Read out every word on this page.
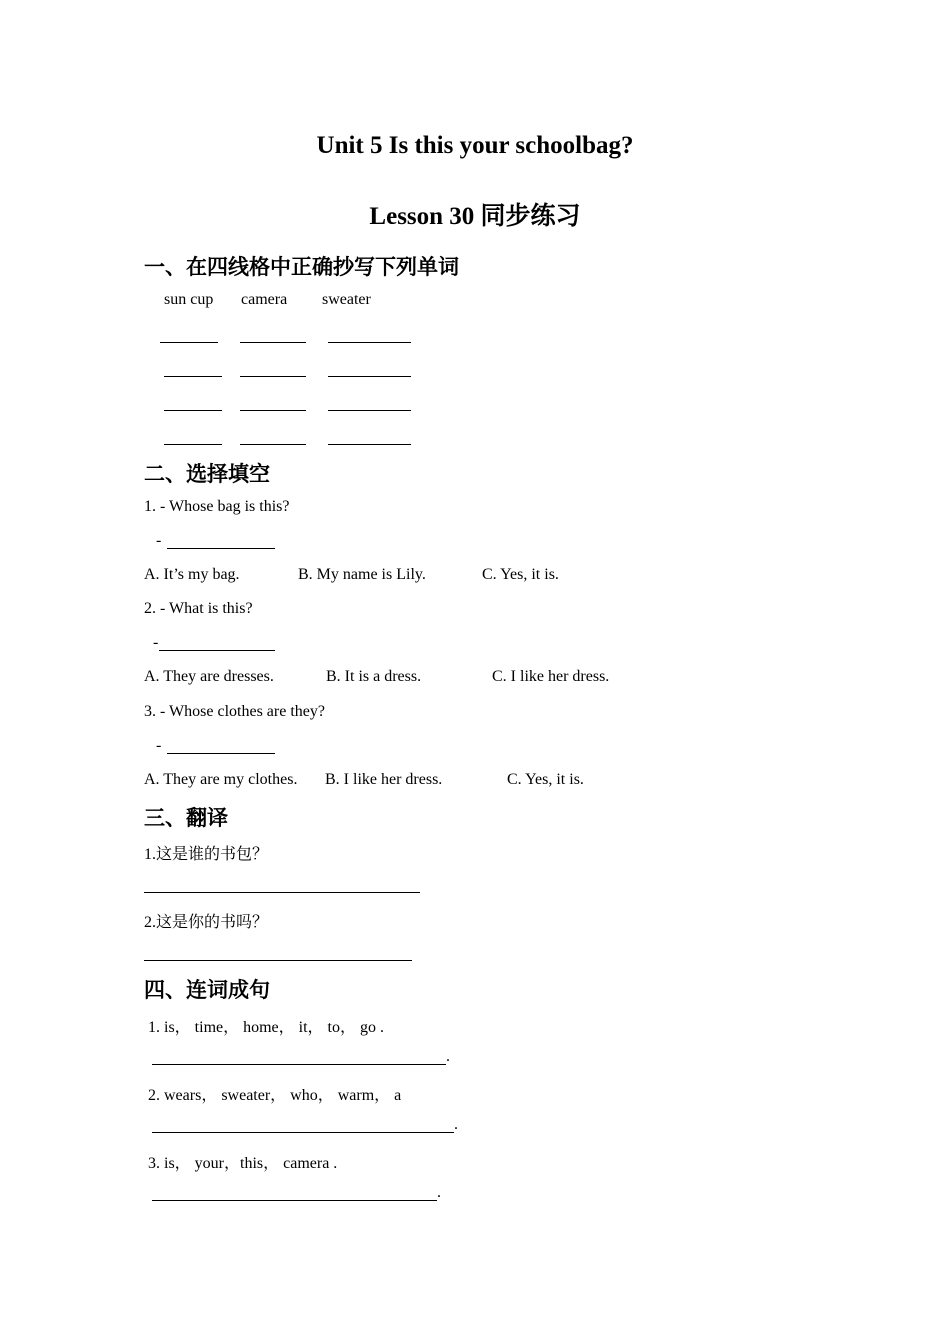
Unit 5 Is this your schoolbag?
Lesson 30 同步练习
一、在四线格中正确抄写下列单词
sun cup camera sweater
二、选择填空
1. - Whose bag is this?
-
A. It’s my bag.	B. My name is Lily.	C. Yes, it is.
2. - What is this?
-
A. They are dresses.	B. It is a dress.	C. I like her dress.
3. - Whose clothes are they?
-
A. They are my clothes. B. I like her dress.	C. Yes, it is.
三、翻译
1.这是谁的书包？
2.这是你的书吗？
四、连词成句
1. is， time， home， it， to， go .
.
2. wears， sweater， who， warm， a
.
3. is， your，this， camera .
.
